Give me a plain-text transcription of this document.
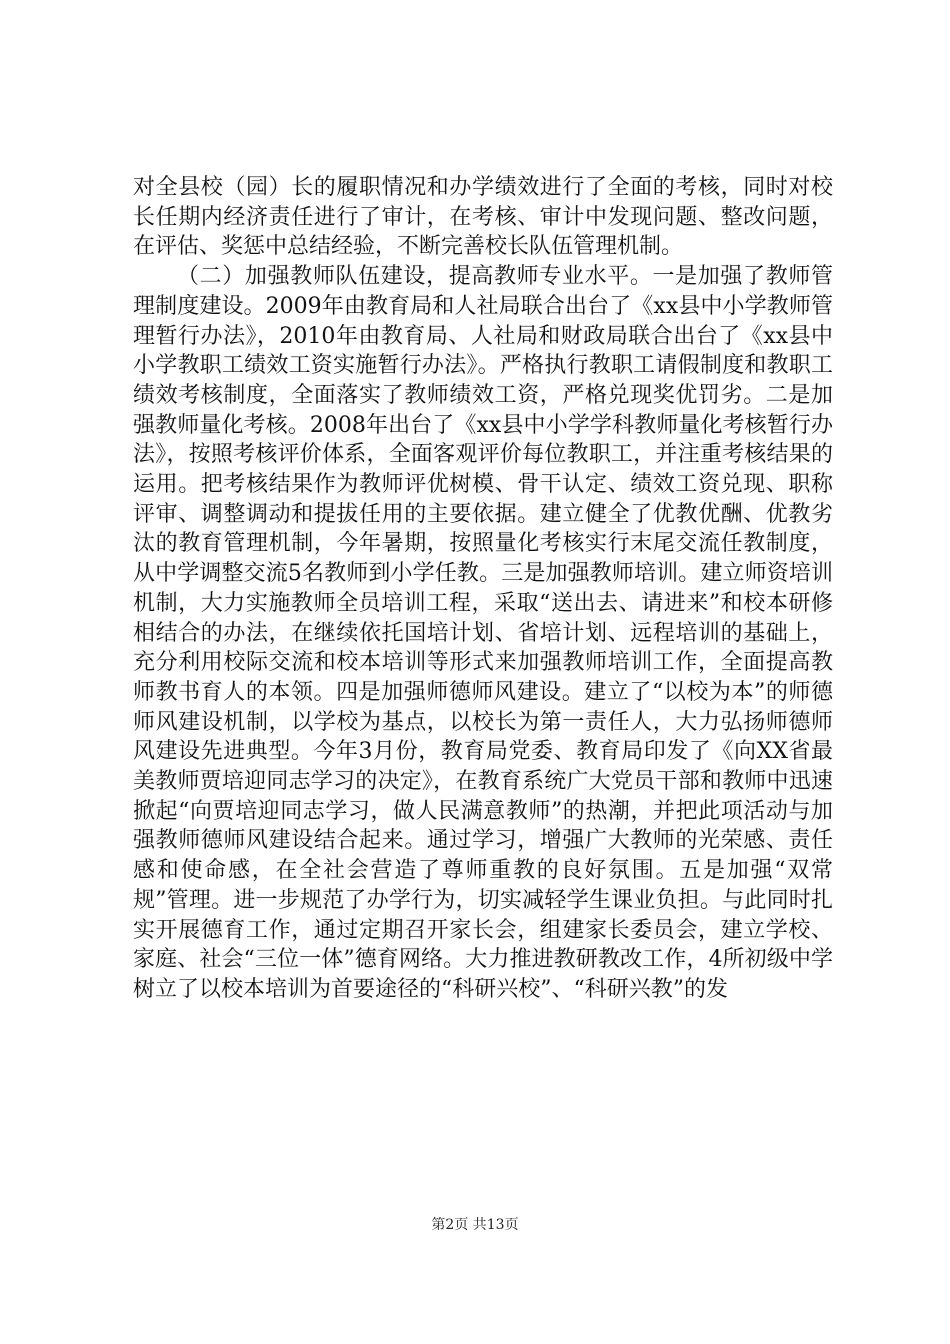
对全县校（园）长的履职情况和办学绩效进行了全面的考核，同时对校长任期内经济责任进行了审计，在考核、审计中发现问题、整改问题，在评估、奖惩中总结经验，不断完善校长队伍管理机制。

（二）加强教师队伍建设，提高教师专业水平。一是加强了教师管理制度建设。2009年由教育局和人社局联合出台了《xx县中小学教师管理暂行办法》，2010年由教育局、人社局和财政局联合出台了《xx县中小学教职工绩效工资实施暂行办法》。严格执行教职工请假制度和教职工绩效考核制度，全面落实了教师绩效工资，严格兑现奖优罚劣。二是加强教师量化考核。2008年出台了《xx县中小学学科教师量化考核暂行办法》，按照考核评价体系，全面客观评价每位教职工，并注重考核结果的运用。把考核结果作为教师评优树模、骨干认定、绩效工资兑现、职称评审、调整调动和提拔任用的主要依据。建立健全了优教优酬、优教劣汰的教育管理机制，今年暑期，按照量化考核实行末尾交流任教制度，从中学调整交流5名教师到小学任教。三是加强教师培训。建立师资培训机制，大力实施教师全员培训工程，采取“送出去、请进来”和校本研修相结合的办法，在继续依托国培计划、省培计划、远程培训的基础上，充分利用校际交流和校本培训等形式来加强教师培训工作，全面提高教师教书育人的本领。四是加强师德师风建设。建立了“以校为本”的师德师风建设机制，以学校为基点，以校长为第一责任人，大力弘扬师德师风建设先进典型。今年3月份，教育局党委、教育局印发了《向XX省最美教师贾培迎同志学习的决定》，在教育系统广大党员干部和教师中迅速掀起“向贾培迎同志学习，做人民满意教师”的热潮，并把此项活动与加强教师德师风建设结合起来。通过学习，增强广大教师的光荣感、责任感和使命感，在全社会营造了尊师重教的良好氛围。五是加强“双常规”管理。进一步规范了办学行为，切实减轻学生课业负担。与此同时扎实开展德育工作，通过定期召开家长会，组建家长委员会，建立学校、家庭、社会“三位一体”德育网络。大力推进教研教改工作，4所初级中学树立了以校本培训为首要途径的“科研兴校”、“科研兴教”的发

第2页 共13页
